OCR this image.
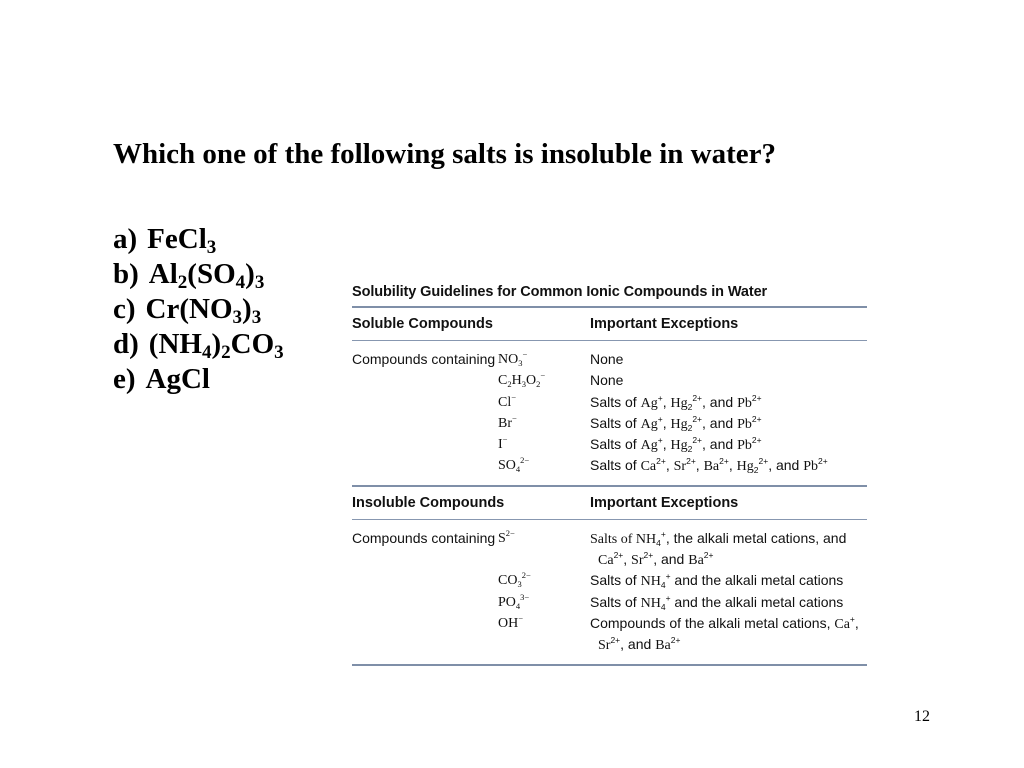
Which one of the following salts is insoluble in water?
a) FeCl$_3$
b) $Al_2(SO_4)_3$
c) $Cr(NO_3)_3$
d) $(NH_4)_2CO_3$
e) AgCl
Solubility Guidelines for Common Ionic Compounds in Water
Soluble Compounds	Important Exceptions
Compounds containing $NO_3^-$	None
$C_2H_3O_2^-$	None
Cl−	Salts of Ag+, $Hg_2^{2+}$, and $Pb^{2+}$
Br−	Salts of Ag+, $Hg_2^{2+}$, and $Pb^{2+}$
I−	Salts of Ag+, $Hg_2^{2+}$, and $Pb^{2+}$
$SO_4^{2-}$	Salts of $Ca^{2+}$, $Sr^{2+}$, $Ba^{2+}$, $Hg_2^{2+}$, and $Pb^{2+}$
Insoluble Compounds	Important Exceptions
Compounds containing $S^{2-}$	Salts of $NH_4^+$, the alkali metal cations, and
$Ca^{2+}$, $Sr^{2+}$, and $Ba^{2+}$
$CO_3^{2-}$	Salts of $NH_4^+$ and the alkali metal cations
$PO_4^{3-}$	Salts of $NH_4^+$ and the alkali metal cations
OH−	Compounds of the alkali metal cations, Ca+,
$Sr^{2+}$, and $Ba^{2+}$
12
